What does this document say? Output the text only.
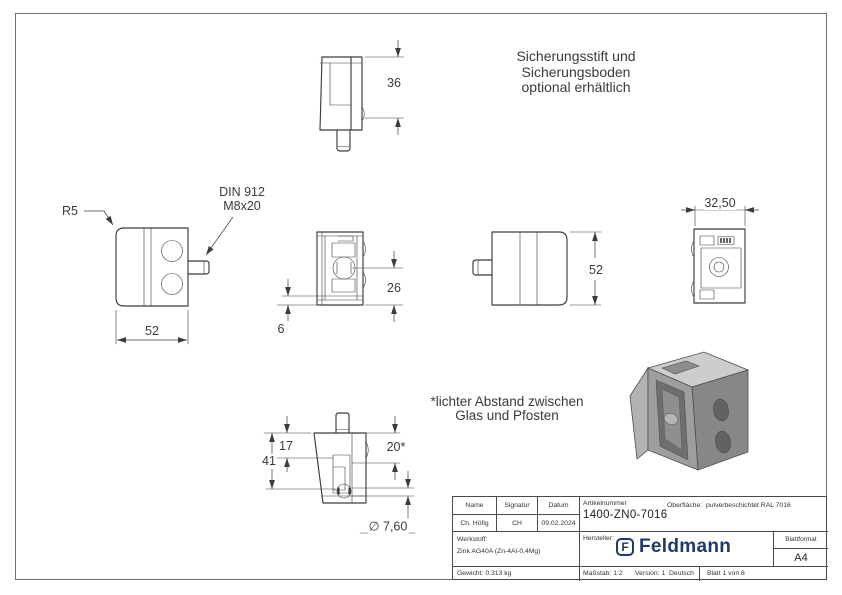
Sicherungsstift und
Sicherungsboden
optional erhältlich
*lichter Abstand zwischen
Glas und Pfosten
R5
DIN 912
M8x20
36
52
26
6
52
32,50
17
41
20*
∅ 7,60
Name	Signatur	Datum
Ch. Höfig	CH	09.02.2024
Werkstoff:
Zink AG40A (Zn-4Al-0,4Mg)
Gewicht: 0.313 kg
Artikelnummer
1400-ZN0-7016
Oberfläche: pulverbeschichtet RAL 7016
Hersteller:
F Feldmann	Blattformat
A4
Maßstab: 1:2 Version: 1 Deutsch Blatt 1 von 8
